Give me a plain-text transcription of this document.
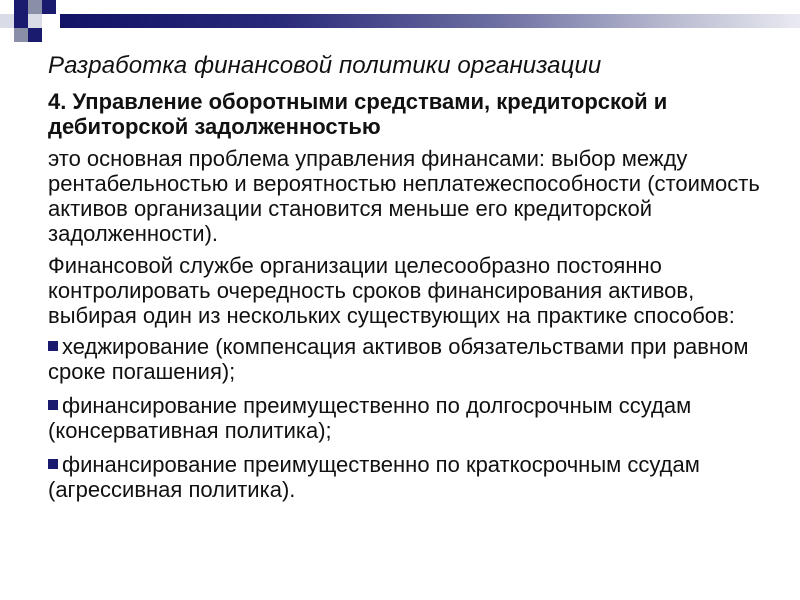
Разработка финансовой политики организации
4. Управление оборотными средствами, кредиторской и дебиторской задолженностью

это основная проблема управления финансами: выбор между рентабельностью и вероятностью неплатежеспособности (стоимость активов организации становится меньше его кредиторской задолженности).

Финансовой службе организации целесообразно постоянно контролировать очередность сроков финансирования активов, выбирая один из нескольких существующих на практике способов:

хеджирование (компенсация активов обязательствами при равном сроке погашения);
финансирование преимущественно по долгосрочным ссудам (консервативная политика);
финансирование преимущественно по краткосрочным ссудам (агрессивная политика).
